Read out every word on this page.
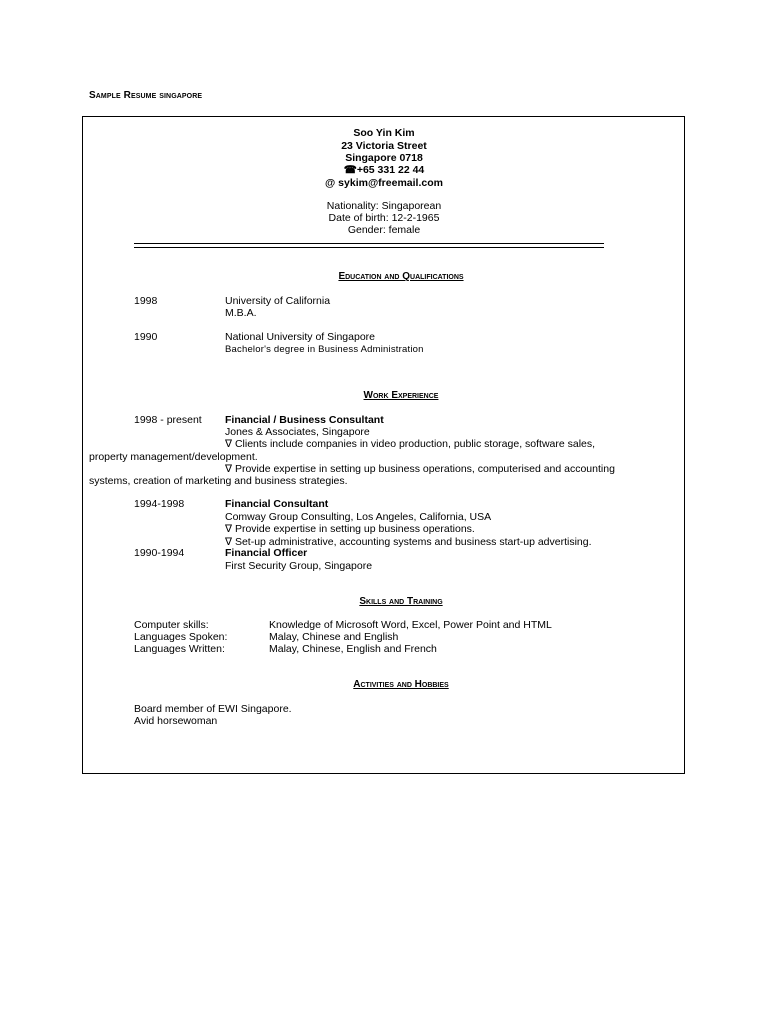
Sample Resume singapore
Soo Yin Kim
23 Victoria Street
Singapore 0718
☎+65 331 22 44
@ sykim@freemail.com
Nationality: Singaporean
Date of birth: 12-2-1965
Gender: female
Education and Qualifications
1998	University of California
M.B.A.
1990	National University of Singapore
Bachelor's degree in Business Administration
Work Experience
1998 - present Financial / Business Consultant
Jones & Associates, Singapore
∇ Clients include companies in video production, public storage, software sales,
property management/development.
∇ Provide expertise in setting up business operations, computerised and accounting
systems, creation of marketing and business strategies.
1994-1998	Financial Consultant
Comway Group Consulting, Los Angeles, California, USA
∇ Provide expertise in setting up business operations.
∇ Set-up administrative, accounting systems and business start-up advertising.
1990-1994	Financial Officer
First Security Group, Singapore
Skills and Training
Computer skills:	Knowledge of Microsoft Word, Excel, Power Point and HTML
Languages Spoken:	Malay, Chinese and English
Languages Written:	Malay, Chinese, English and French
Activities and Hobbies
Board member of EWI Singapore.
Avid horsewoman
